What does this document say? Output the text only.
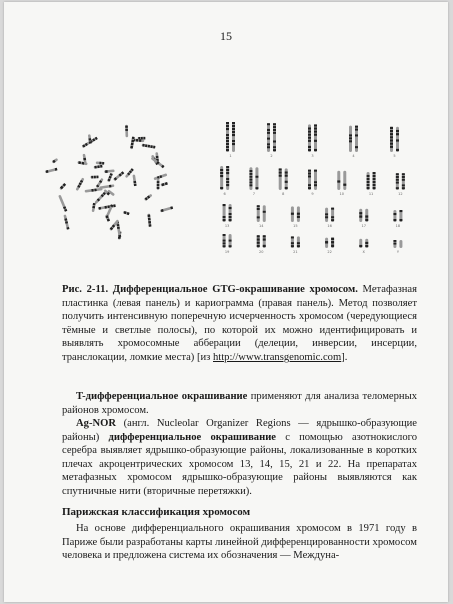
15
1	2	3	4	5
6	7	8	9	10	11	12
13	14	15	16	17	18
19	20	21	22	X	Y
Рис. 2-11. Дифференциальное GTG-окрашивание хромосом. Метафазная пластинка (левая панель) и кариограмма (правая панель). Метод позволяет получить интенсивную поперечную исчерченность хромосом (чередующиеся тёмные и светлые полосы), по которой их можно идентифицировать и выявлять хромосомные абберации (делеции, инверсии, инсерции, транслокации, ломкие места) [из http://www.transgenomic.com].
T-дифференциальное окрашивание применяют для анализа теломерных районов хромосом.
Ag-NOR (англ. Nucleolar Organizer Regions — ядрышко-образующие районы) дифференциальное окрашивание с помощью азотнокислого серебра выявляет ядрышко-образующие районы, локализованные в коротких плечах акроцентрических хромосом 13, 14, 15, 21 и 22. На препаратах метафазных хромосом ядрышко-образующие районы выявляются как спутничные нити (вторичные перетяжки).
Парижская классификация хромосом
На основе дифференциального окрашивания хромосом в 1971 году в Париже были разработаны карты линейной дифференцированности хромосом человека и предложена система их обозначения — Междуна-
